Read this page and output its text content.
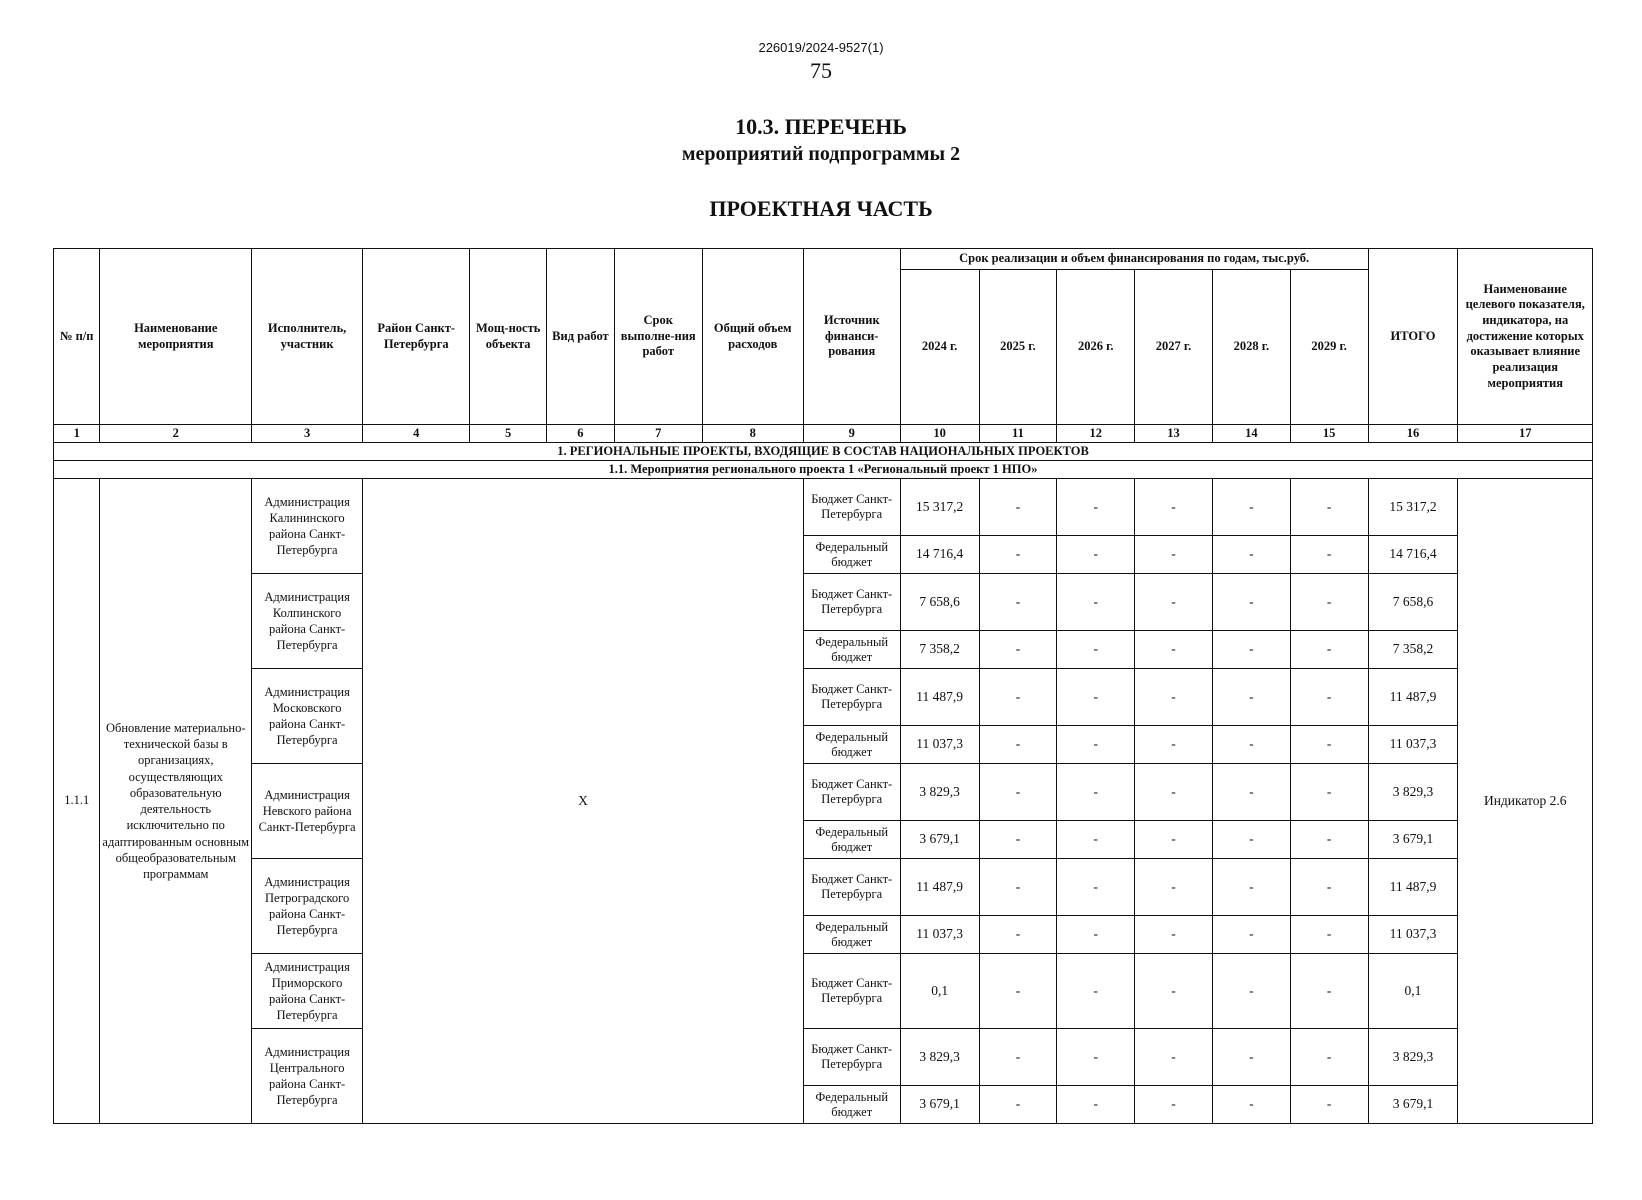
226019/2024-9527(1)
75
10.3. ПЕРЕЧЕНЬ
мероприятий подпрограммы 2
ПРОЕКТНАЯ ЧАСТЬ
№ п/п	Наименование мероприятия	Исполнитель, участник	Район Санкт-Петербурга	Мощ-ность объекта	Вид работ	Срок выполне-ния работ	Общий объем расходов	Источник финанси-рования	Срок реализации и объем финансирования по годам, тыс.руб.						ИТОГО	Наименование целевого показателя, индикатора, на достижение которых оказывает влияние реализация мероприятия
									2024 г.	2025 г.	2026 г.	2027 г.	2028 г.	2029 г.		
1	2	3	4	5	6	7	8	9	10	11	12	13	14	15	16	17
1. РЕГИОНАЛЬНЫЕ ПРОЕКТЫ, ВХОДЯЩИЕ В СОСТАВ НАЦИОНАЛЬНЫХ ПРОЕКТОВ																
1.1. Мероприятия регионального проекта 1 «Региональный проект 1 НПО»																
1.1.1	Обновление материально-технической базы в организациях, осуществляющих образовательную деятельность исключительно по адаптированным основным общеобразовательным программам	Администрация Калининского района Санкт-Петербурга	X					Бюджет Санкт-Петербурга	15 317,2	-	-	-	-	-	15 317,2	Индикатор 2.6
								Федеральный бюджет	14 716,4	-	-	-	-	-	14 716,4	
		Администрация Колпинского района Санкт-Петербурга						Бюджет Санкт-Петербурга	7 658,6	-	-	-	-	-	7 658,6	
								Федеральный бюджет	7 358,2	-	-	-	-	-	7 358,2	
		Администрация Московского района Санкт-Петербурга						Бюджет Санкт-Петербурга	11 487,9	-	-	-	-	-	11 487,9	
								Федеральный бюджет	11 037,3	-	-	-	-	-	11 037,3	
		Администрация Невского района Санкт-Петербурга						Бюджет Санкт-Петербурга	3 829,3	-	-	-	-	-	3 829,3	
								Федеральный бюджет	3 679,1	-	-	-	-	-	3 679,1	
		Администрация Петроградского района Санкт-Петербурга						Бюджет Санкт-Петербурга	11 487,9	-	-	-	-	-	11 487,9	
								Федеральный бюджет	11 037,3	-	-	-	-	-	11 037,3	
		Администрация Приморского района Санкт-Петербурга						Бюджет Санкт-Петербурга	0,1	-	-	-	-	-	0,1	
		Администрация Центрального района Санкт-Петербурга						Бюджет Санкт-Петербурга	3 829,3	-	-	-	-	-	3 829,3	
								Федеральный бюджет	3 679,1	-	-	-	-	-	3 679,1	
